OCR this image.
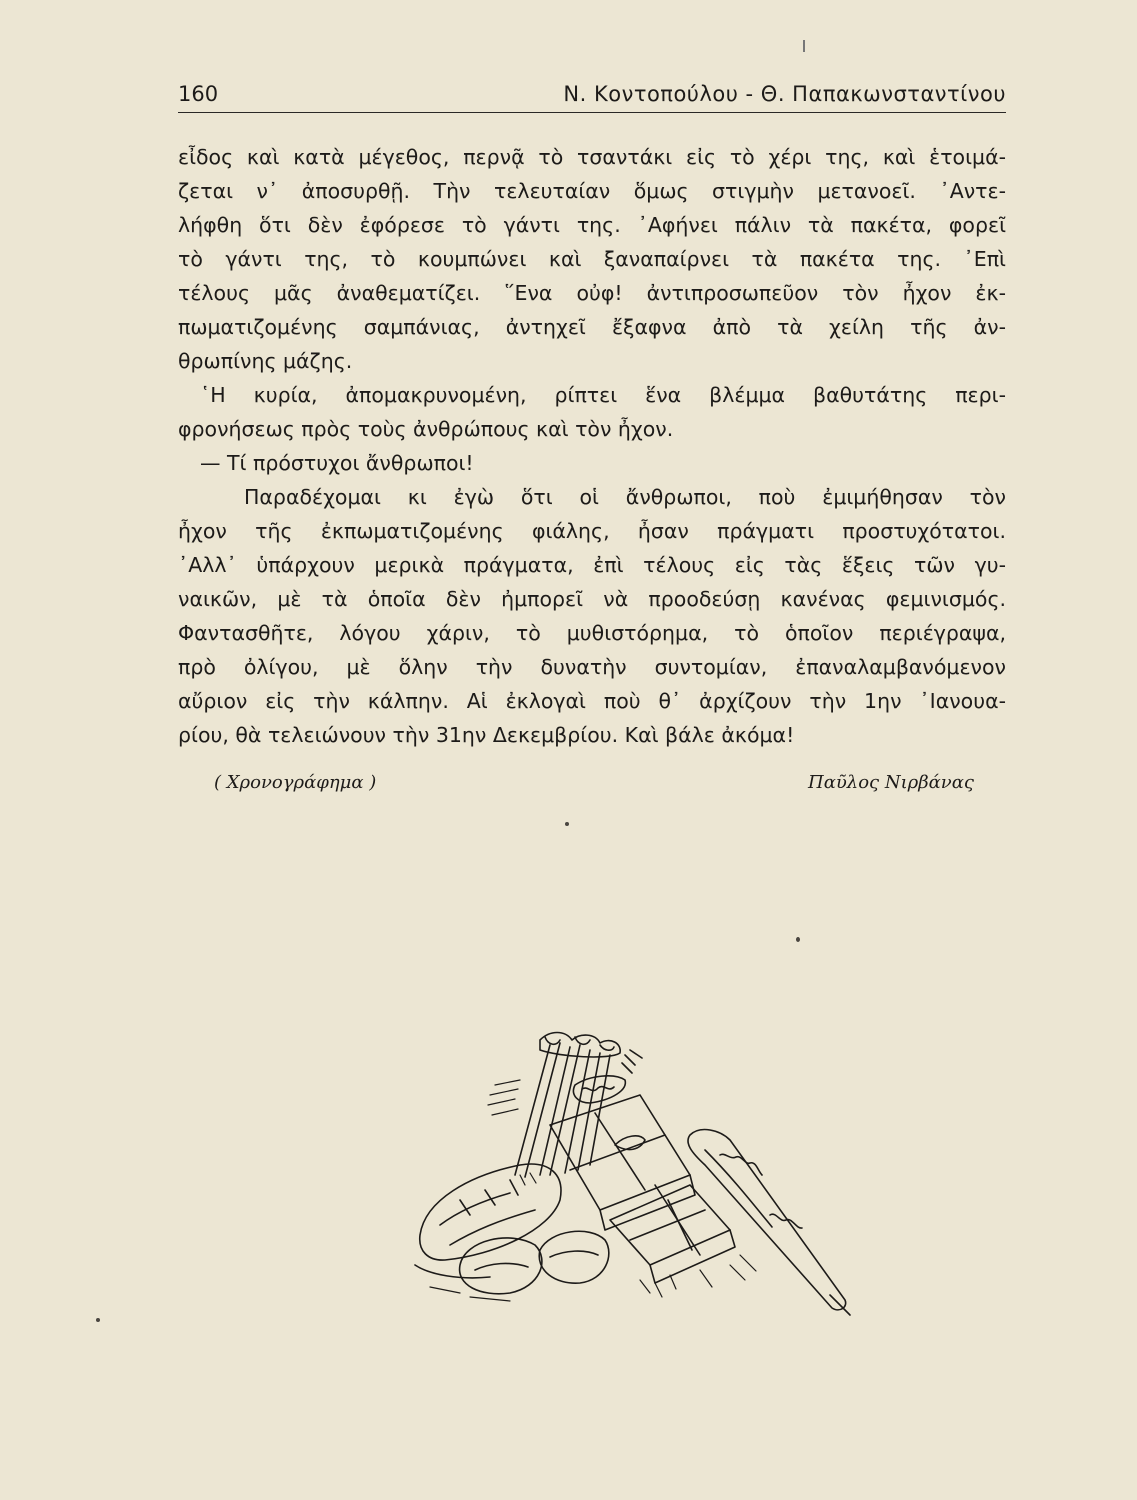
160	Ν. Κοντοπούλου - Θ. Παπακωνσταντίνου
εἶδος καὶ κατὰ μέγεθος, περνᾷ τὸ τσαντάκι εἰς τὸ χέρι της, καὶ ἑτοιμά-
ζεται ν᾽ ἀποσυρθῇ. Τὴν τελευταίαν ὅμως στιγμὴν μετανοεῖ. ᾽Αντε-
λήφθη ὅτι δὲν ἐφόρεσε τὸ γάντι της. ᾽Αφήνει πάλιν τὰ πακέτα, φορεῖ
τὸ γάντι της, τὸ κουμπώνει καὶ ξαναπαίρνει τὰ πακέτα της. ᾽Επὶ
τέλους μᾶς ἀναθεματίζει. ῞Ενα οὐφ! ἀντιπροσωπεῦον τὸν ἦχον ἐκ-
πωματιζομένης σαμπάνιας, ἀντηχεῖ ἔξαφνα ἀπὸ τὰ χείλη τῆς ἀν-
θρωπίνης μάζης.
῾Η κυρία, ἀπομακρυνομένη, ρίπτει ἕνα βλέμμα βαθυτάτης περι-
φρονήσεως πρὸς τοὺς ἀνθρώπους καὶ τὸν ἦχον.
— Τί πρόστυχοι ἄνθρωποι!
Παραδέχομαι κι ἐγὼ ὅτι οἱ ἄνθρωποι, ποὺ ἐμιμήθησαν τὸν
ἦχον τῆς ἐκπωματιζομένης φιάλης, ἦσαν πράγματι προστυχότατοι.
᾽Αλλ᾽ ὑπάρχουν μερικὰ πράγματα, ἐπὶ τέλους εἰς τὰς ἕξεις τῶν γυ-
ναικῶν, μὲ τὰ ὁποῖα δὲν ἠμπορεῖ νὰ προοδεύσῃ κανένας φεμινισμός.
Φαντασθῆτε, λόγου χάριν, τὸ μυθιστόρημα, τὸ ὁποῖον περιέγραψα,
πρὸ ὀλίγου, μὲ ὅλην τὴν δυνατὴν συντομίαν, ἐπαναλαμβανόμενον
αὔριον εἰς τὴν κάλπην. Αἱ ἐκλογαὶ ποὺ θ᾽ ἀρχίζουν τὴν 1ην ᾽Ιανουα-
ρίου, θὰ τελειώνουν τὴν 31ην Δεκεμβρίου. Καὶ βάλε ἀκόμα!
( Χρονογράφημα )	Παῦλος Νιρβάνας
